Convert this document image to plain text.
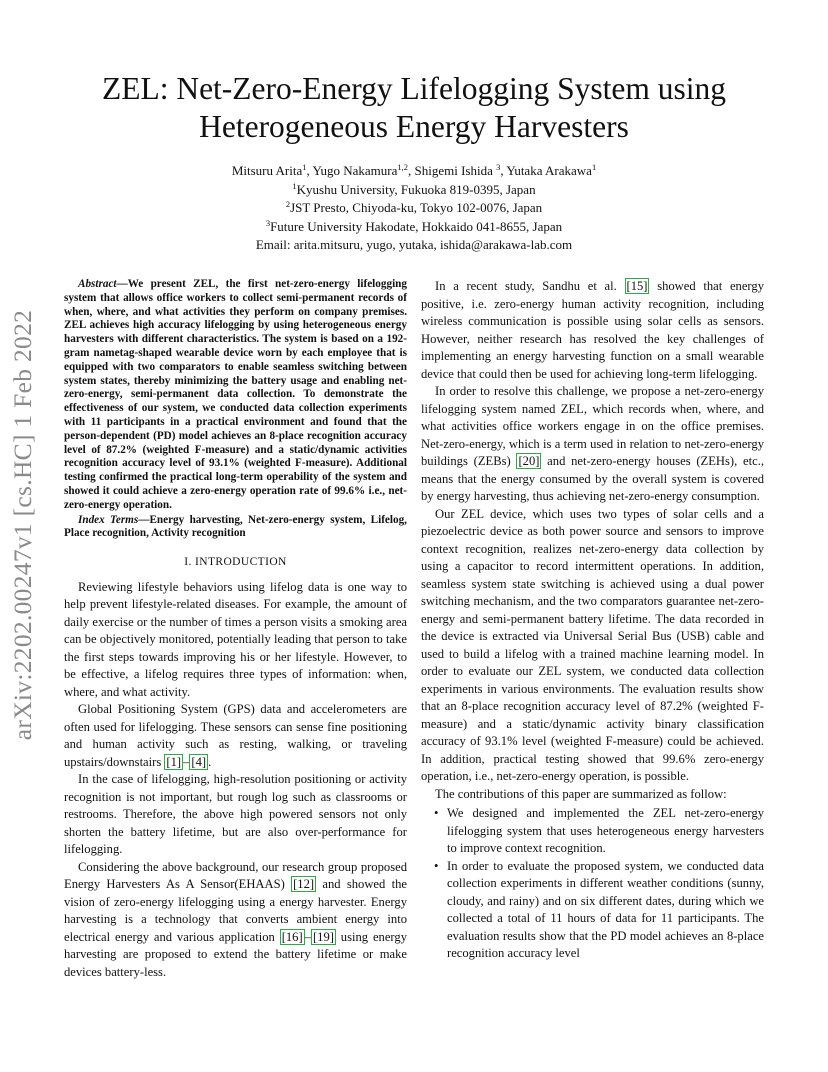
arXiv:2202.00247v1 [cs.HC] 1 Feb 2022
ZEL: Net-Zero-Energy Lifelogging System using
Heterogeneous Energy Harvesters
Mitsuru Arita$^1$, Yugo Nakamura$^{1,2}$, Shigemi Ishida $^3$, Yutaka Arakawa$^1$
$^1$Kyushu University, Fukuoka 819-0395, Japan
$^2$JST Presto, Chiyoda-ku, Tokyo 102-0076, Japan
$^3$Future University Hakodate, Hokkaido 041-8655, Japan
Email: arita.mitsuru, yugo, yutaka, ishida@arakawa-lab.com
Abstract—We present ZEL, the first net-zero-energy lifelogging system that allows office workers to collect semi-permanent records of when, where, and what activities they perform on company premises. ZEL achieves high accuracy lifelogging by using heterogeneous energy harvesters with different characteristics. The system is based on a 192-gram nametag-shaped wearable device worn by each employee that is equipped with two comparators to enable seamless switching between system states, thereby minimizing the battery usage and enabling net-zero-energy, semi-permanent data collection. To demonstrate the effectiveness of our system, we conducted data collection experiments with 11 participants in a practical environment and found that the person-dependent (PD) model achieves an 8-place recognition accuracy level of 87.2% (weighted F-measure) and a static/dynamic activities recognition accuracy level of 93.1% (weighted F-measure). Additional testing confirmed the practical long-term operability of the system and showed it could achieve a zero-energy operation rate of 99.6% i.e., net-zero-energy operation.
Index Terms—Energy harvesting, Net-zero-energy system, Lifelog, Place recognition, Activity recognition
I. INTRODUCTION

Reviewing lifestyle behaviors using lifelog data is one way to help prevent lifestyle-related diseases. For example, the amount of daily exercise or the number of times a person visits a smoking area can be objectively monitored, potentially leading that person to take the first steps towards improving his or her lifestyle. However, to be effective, a lifelog requires three types of information: when, where, and what activity.

Global Positioning System (GPS) data and accelerometers are often used for lifelogging. These sensors can sense fine positioning and human activity such as resting, walking, or traveling upstairs/downstairs [1] – [4] .

In the case of lifelogging, high-resolution positioning or activity recognition is not important, but rough log such as classrooms or restrooms. Therefore, the above high powered sensors not only shorten the battery lifetime, but are also over-performance for lifelogging.

Considering the above background, our research group proposed Energy Harvesters As A Sensor(EHAAS) [12] and showed the vision of zero-energy lifelogging using a energy harvester. Energy harvesting is a technology that converts ambient energy into electrical energy and various application [16] – [19] using energy harvesting are proposed to extend the battery lifetime or make devices battery-less.

In a recent study, Sandhu et al. [15] showed that energy positive, i.e. zero-energy human activity recognition, including wireless communication is possible using solar cells as sensors. However, neither research has resolved the key challenges of implementing an energy harvesting function on a small wearable device that could then be used for achieving long-term lifelogging.

In order to resolve this challenge, we propose a net-zero-energy lifelogging system named ZEL, which records when, where, and what activities office workers engage in on the office premises. Net-zero-energy, which is a term used in relation to net-zero-energy buildings (ZEBs) [20] and net-zero-energy houses (ZEHs), etc., means that the energy consumed by the overall system is covered by energy harvesting, thus achieving net-zero-energy consumption.

Our ZEL device, which uses two types of solar cells and a piezoelectric device as both power source and sensors to improve context recognition, realizes net-zero-energy data collection by using a capacitor to record intermittent operations. In addition, seamless system state switching is achieved using a dual power switching mechanism, and the two comparators guarantee net-zero-energy and semi-permanent battery lifetime. The data recorded in the device is extracted via Universal Serial Bus (USB) cable and used to build a lifelog with a trained machine learning model. In order to evaluate our ZEL system, we conducted data collection experiments in various environments. The evaluation results show that an 8-place recognition accuracy level of 87.2% (weighted F-measure) and a static/dynamic activity binary classification accuracy of 93.1% level (weighted F-measure) could be achieved. In addition, practical testing showed that 99.6% zero-energy operation, i.e., net-zero-energy operation, is possible.

The contributions of this paper are summarized as follow:

• We designed and implemented the ZEL net-zero-energy lifelogging system that uses heterogeneous energy harvesters to improve context recognition.
• In order to evaluate the proposed system, we conducted data collection experiments in different weather conditions (sunny, cloudy, and rainy) and on six different dates, during which we collected a total of 11 hours of data for 11 participants. The evaluation results show that the PD model achieves an 8-place recognition accuracy level
